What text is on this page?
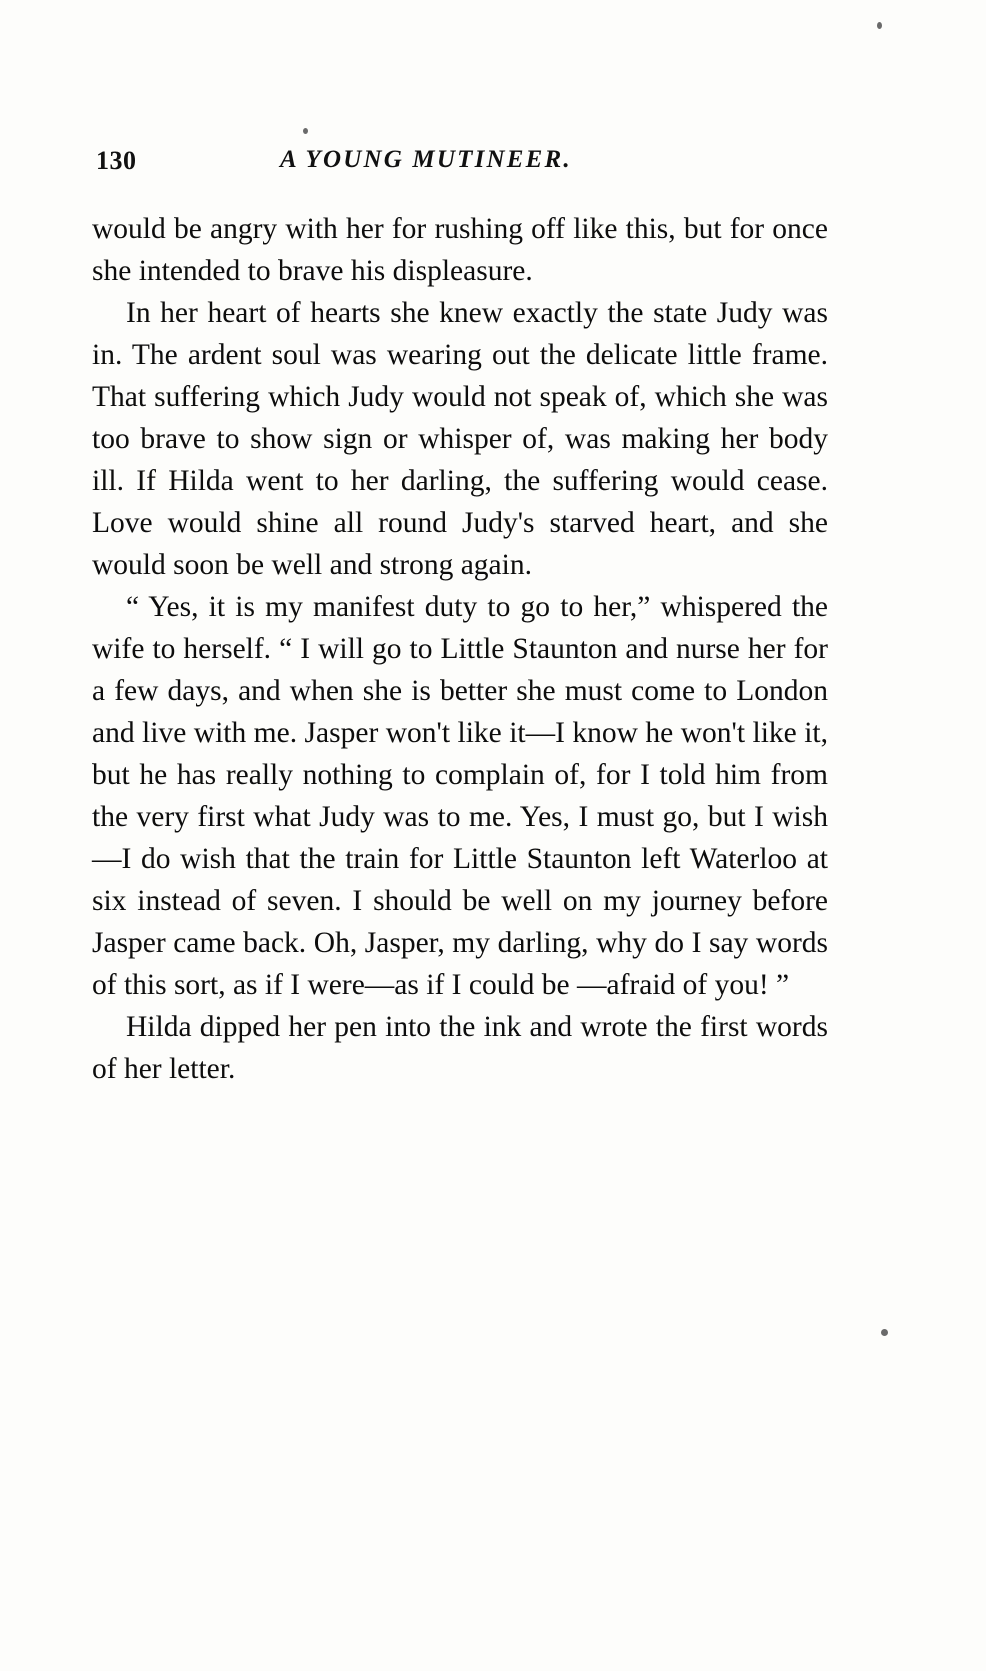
130	A YOUNG MUTINEER.

would be angry with her for rushing off like this, but for once she intended to brave his displeasure.

In her heart of hearts she knew exactly the state Judy was in. The ardent soul was wearing out the delicate little frame. That suffering which Judy would not speak of, which she was too brave to show sign or whisper of, was making her body ill. If Hilda went to her darling, the suffering would cease. Love would shine all round Judy's starved heart, and she would soon be well and strong again.

“ Yes, it is my manifest duty to go to her,” whispered the wife to herself. “ I will go to Little Staunton and nurse her for a few days, and when she is better she must come to London and live with me. Jasper won't like it—I know he won't like it, but he has really nothing to complain of, for I told him from the very first what Judy was to me. Yes, I must go, but I wish—I do wish that the train for Little Staunton left Waterloo at six instead of seven. I should be well on my journey before Jasper came back. Oh, Jasper, my darling, why do I say words of this sort, as if I were—as if I could be —afraid of you! ”

Hilda dipped her pen into the ink and wrote the first words of her letter.
